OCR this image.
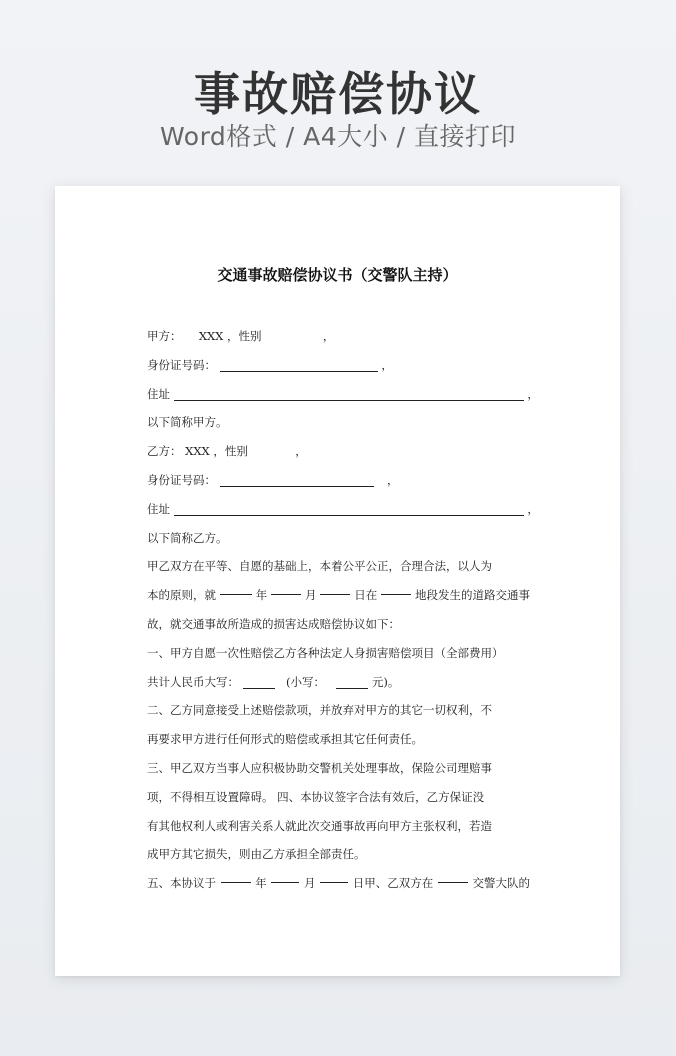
事故赔偿协议
Word格式 / A4大小 / 直接打印
交通事故赔偿协议书（交警队主持）
甲方： XXX ，性别	，
身份证号码：	，
住址	，
以下简称甲方。
乙方： XXX ，性别	，
身份证号码：	，
住址	，
以下简称乙方。
甲乙双方在平等、自愿的基础上，本着公平公正，合理合法，以人为
本的原则，就	年	月	日在	地段发生的道路交通事
故，就交通事故所造成的损害达成赔偿协议如下：
一、甲方自愿一次性赔偿乙方各种法定人身损害赔偿项目（全部费用）
共计人民币大写：	(小写：	元)。
二、乙方同意接受上述赔偿款项，并放弃对甲方的其它一切权利，不
再要求甲方进行任何形式的赔偿或承担其它任何责任。
三、甲乙双方当事人应积极协助交警机关处理事故，保险公司理赔事
项，不得相互设置障碍。 四、本协议签字合法有效后，乙方保证没
有其他权利人或利害关系人就此次交通事故再向甲方主张权利，若造
成甲方其它损失，则由乙方承担全部责任。
五、本协议于	年	月	日甲、乙双方在	交警大队的
